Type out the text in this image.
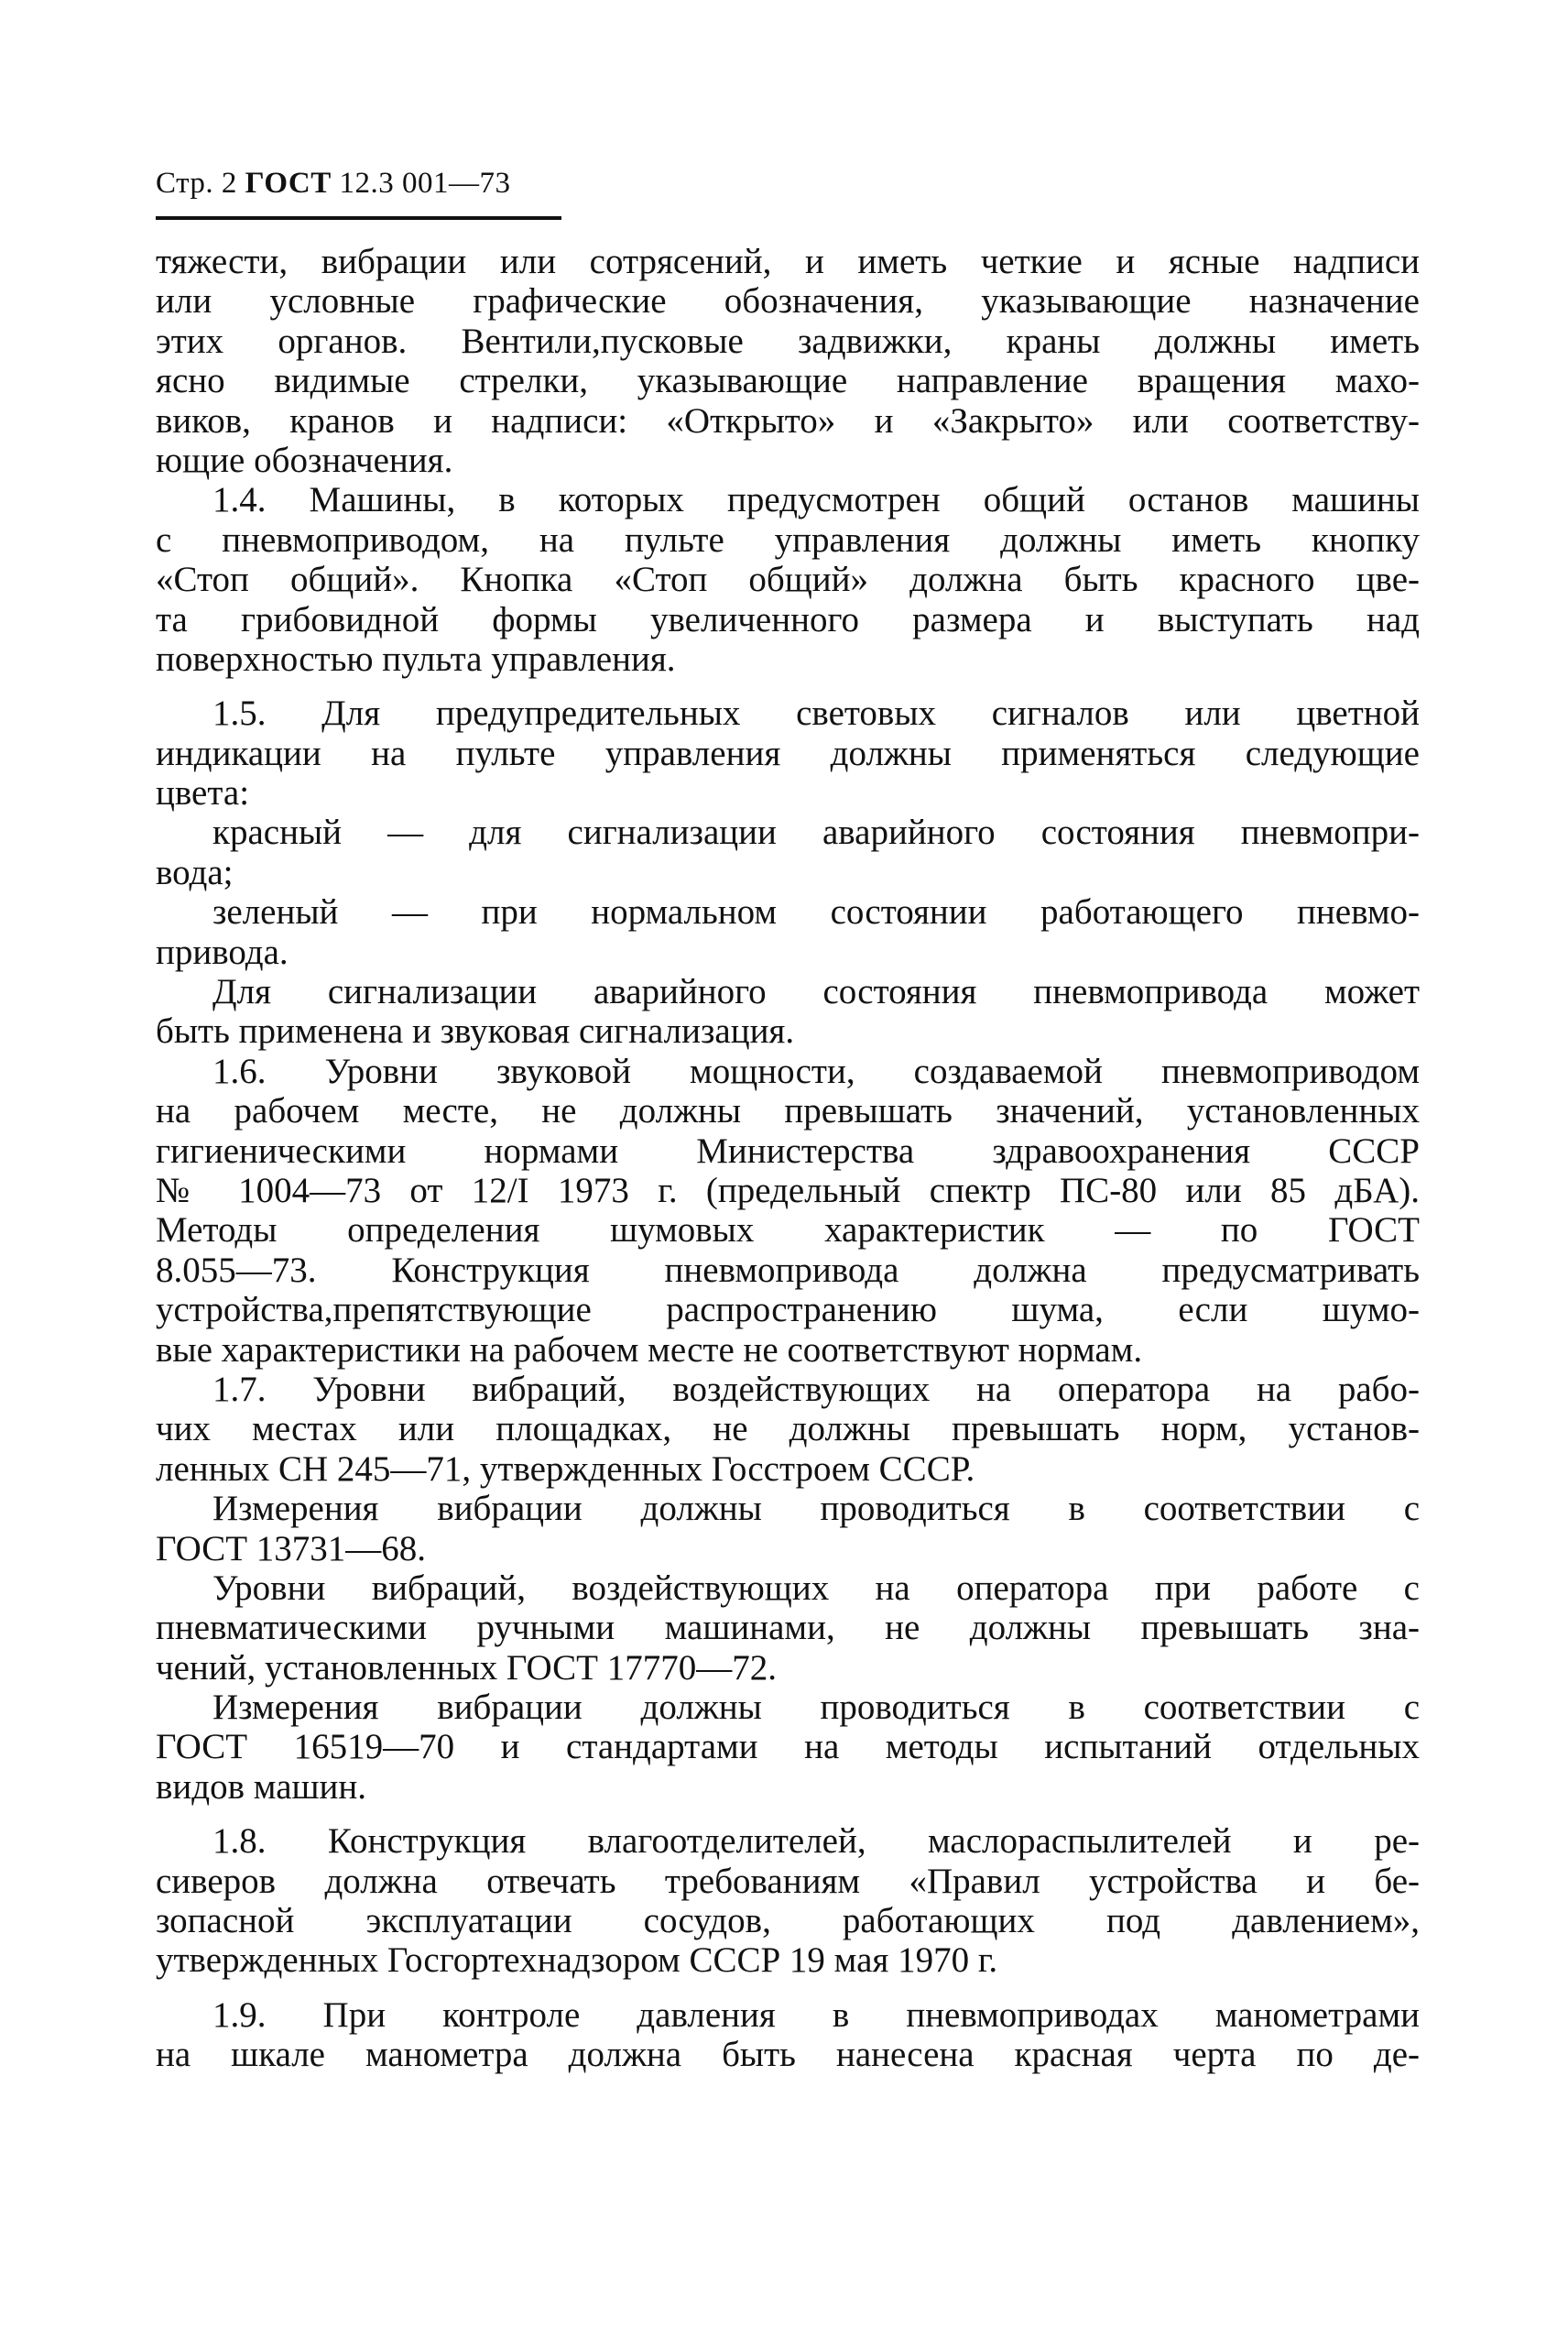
Стр. 2 ГОСТ 12.3 001—73
тяжести, вибрации или сотрясений, и иметь четкие и ясные надписи
или условные графические обозначения, указывающие назначение
этих органов. Вентили,пусковые задвижки, краны должны иметь
ясно видимые стрелки, указывающие направление вращения махо-
виков, кранов и надписи: «Открыто» и «Закрыто» или соответству-
ющие обозначения.
1.4. Машины, в которых предусмотрен общий останов машины
с пневмоприводом, на пульте управления должны иметь кнопку
«Стоп общий». Кнопка «Стоп общий» должна быть красного цве-
та грибовидной формы увеличенного размера и выступать над
поверхностью пульта управления.
1.5. Для предупредительных световых сигналов или цветной
индикации на пульте управления должны применяться следующие
цвета:
красный — для сигнализации аварийного состояния пневмопри-
вода;
зеленый — при нормальном состоянии работающего пневмо-
привода.
Для сигнализации аварийного состояния пневмопривода может
быть применена и звуковая сигнализация.
1.6. Уровни звуковой мощности, создаваемой пневмоприводом
на рабочем месте, не должны превышать значений, установленных
гигиеническими нормами Министерства здравоохранения СССР
№ 1004—73 от 12/I 1973 г. (предельный спектр ПС-80 или 85 дБА).
Методы определения шумовых характеристик — по ГОСТ
8.055—73. Конструкция пневмопривода должна предусматривать
устройства,препятствующие распространению шума, если шумо-
вые характеристики на рабочем месте не соответствуют нормам.
1.7. Уровни вибраций, воздействующих на оператора на рабо-
чих местах или площадках, не должны превышать норм, установ-
ленных СН 245—71, утвержденных Госстроем СССР.
Измерения вибрации должны проводиться в соответствии с
ГОСТ 13731—68.
Уровни вибраций, воздействующих на оператора при работе с
пневматическими ручными машинами, не должны превышать зна-
чений, установленных ГОСТ 17770—72.
Измерения вибрации должны проводиться в соответствии с
ГОСТ 16519—70 и стандартами на методы испытаний отдельных
видов машин.
1.8. Конструкция влагоотделителей, маслораспылителей и ре-
сиверов должна отвечать требованиям «Правил устройства и бе-
зопасной эксплуатации сосудов, работающих под давлением»,
утвержденных Госгортехнадзором СССР 19 мая 1970 г.
1.9. При контроле давления в пневмоприводах манометрами
на шкале манометра должна быть нанесена красная черта по де-
